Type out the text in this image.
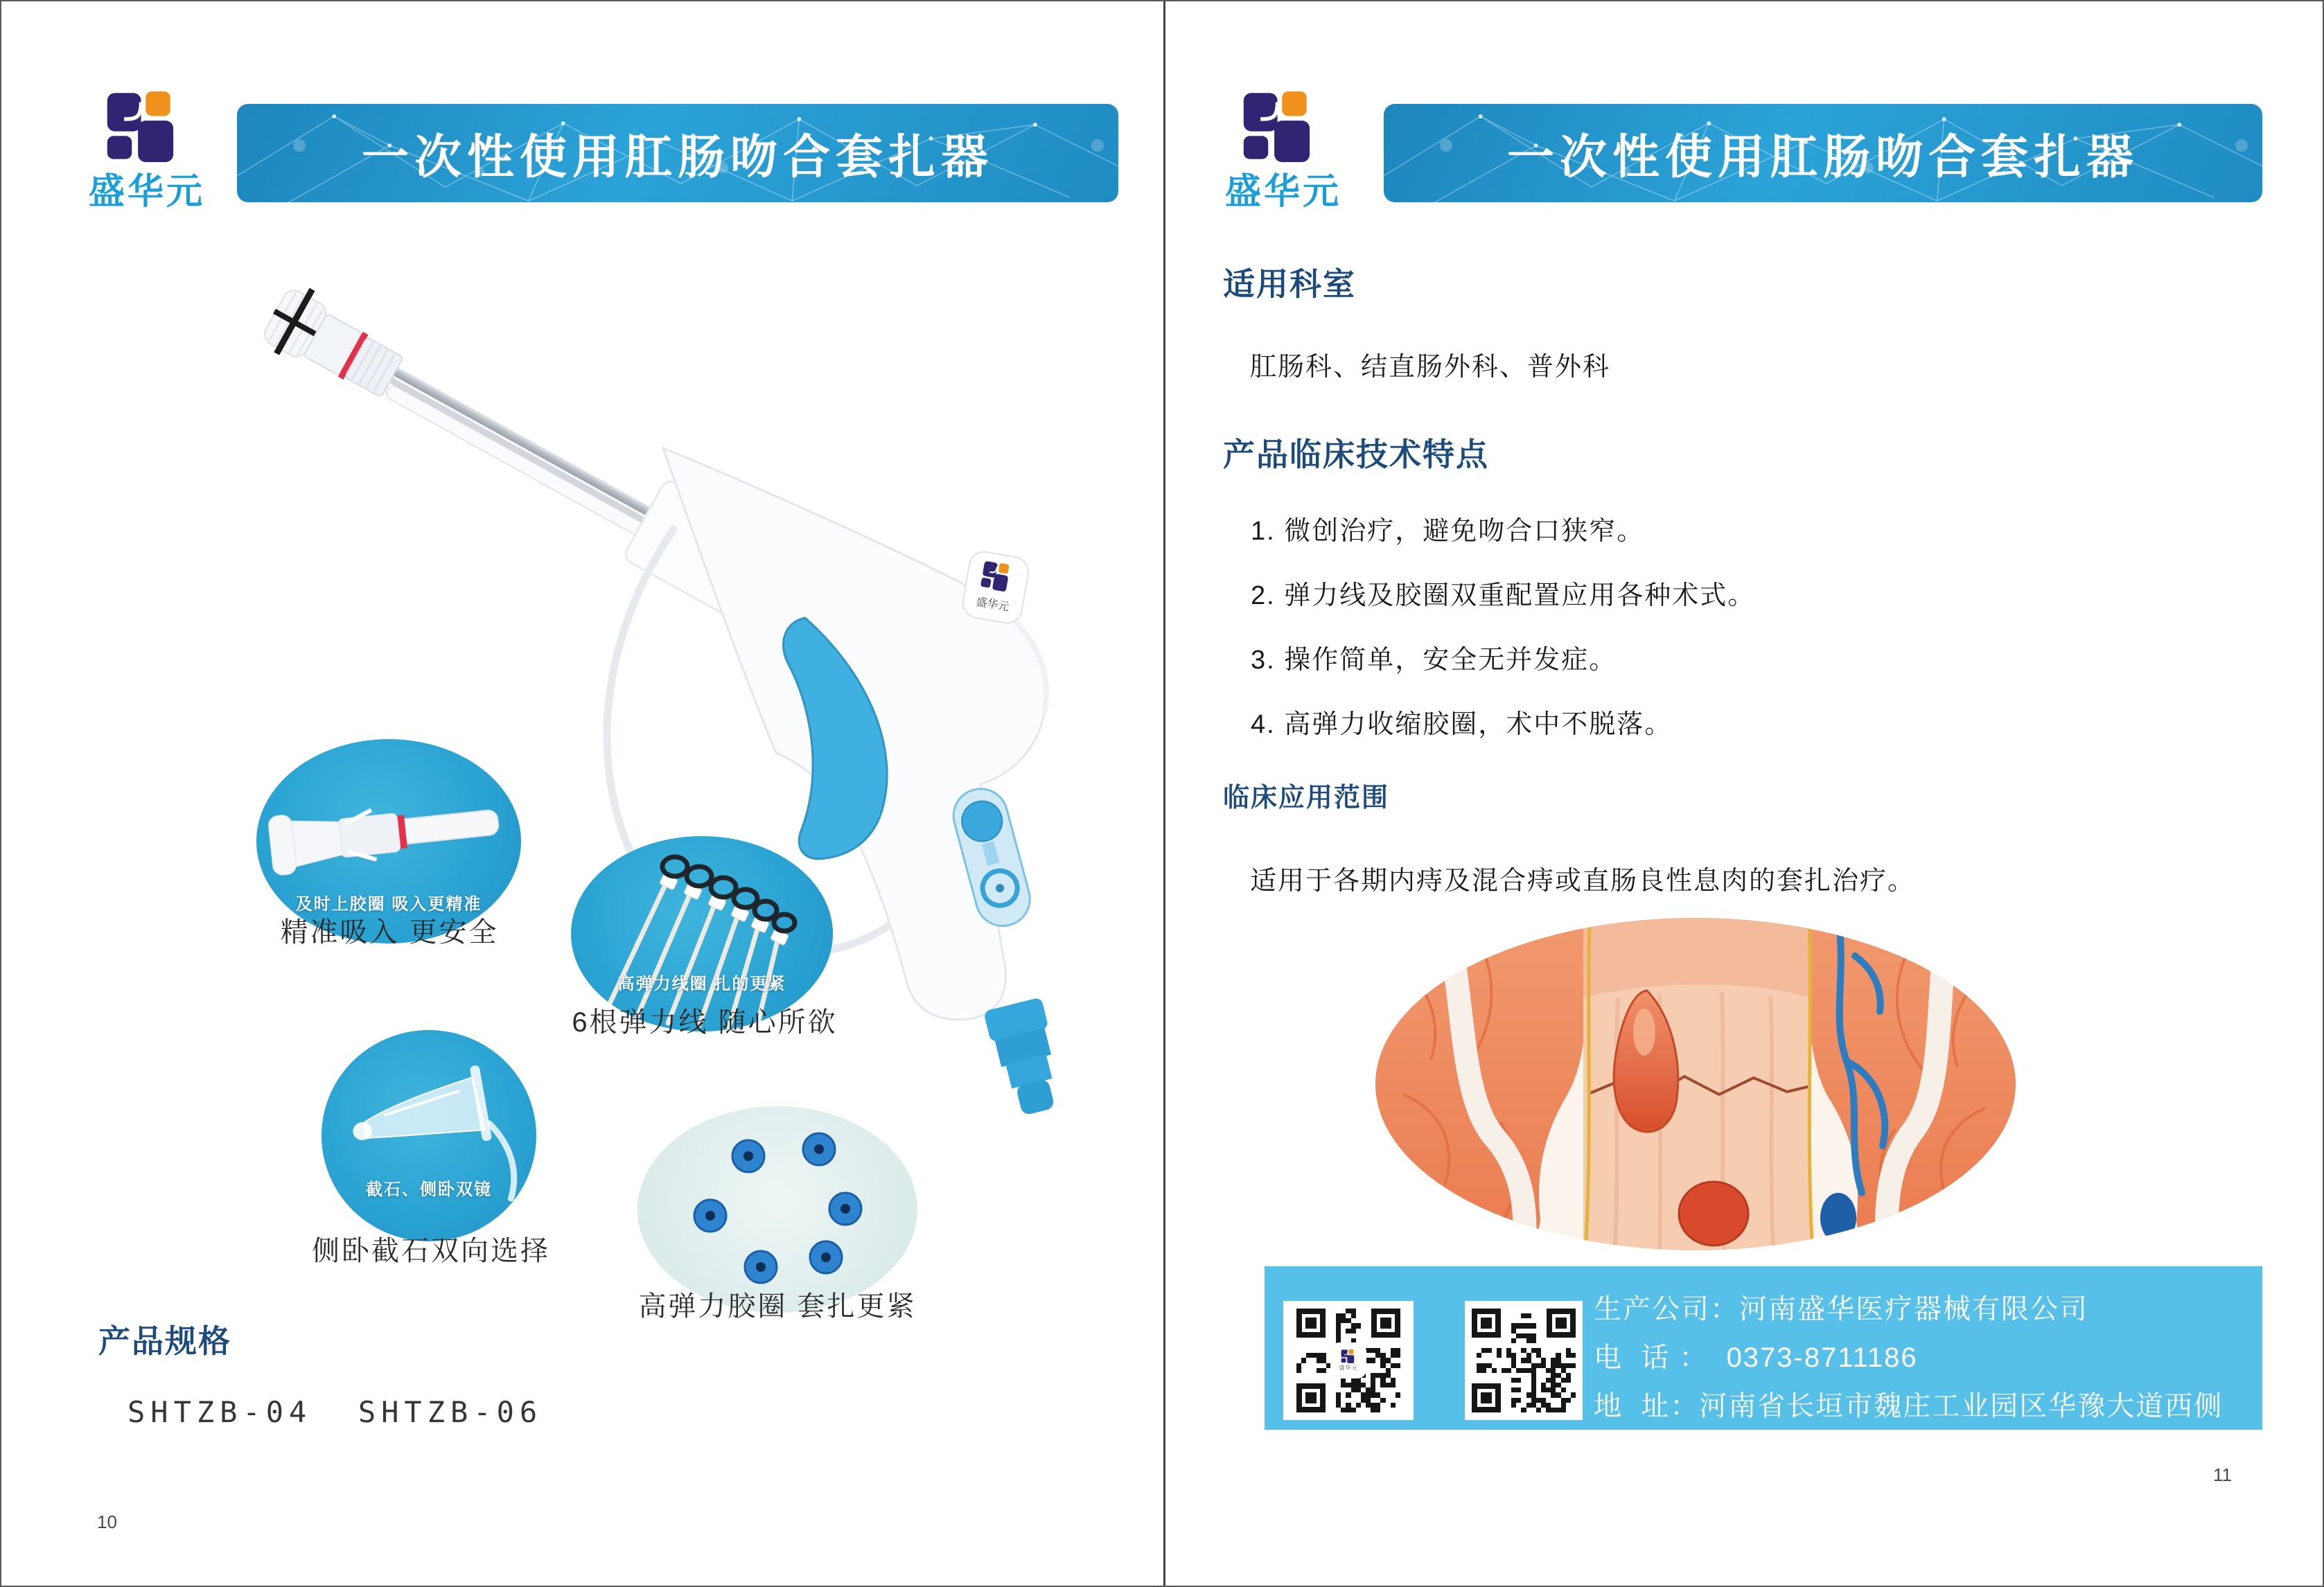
盛华元
一次性使用肛肠吻合套扎器
盛华元
及时上胶圈 吸入更精准
精准吸入 更安全
高弹力线圈 扎的更紧
6根弹力线 随心所欲
截石、侧卧双镜
侧卧截石双向选择
高弹力胶圈 套扎更紧
产品规格
SHTZB-04  SHTZB-06
10
盛华元
一次性使用肛肠吻合套扎器
适用科室
肛肠科、结直肠外科、普外科
产品临床技术特点
1. 微创治疗，避免吻合口狭窄。
2. 弹力线及胶圈双重配置应用各种术式。
3. 操作简单，安全无并发症。
4. 高弹力收缩胶圈，术中不脱落。
临床应用范围
适用于各期内痔及混合痔或直肠良性息肉的套扎治疗。
盛华元
生产公司：河南盛华医疗器械有限公司
电  话 ：  0373-8711186
地  址：河南省长垣市魏庄工业园区华豫大道西侧
11
